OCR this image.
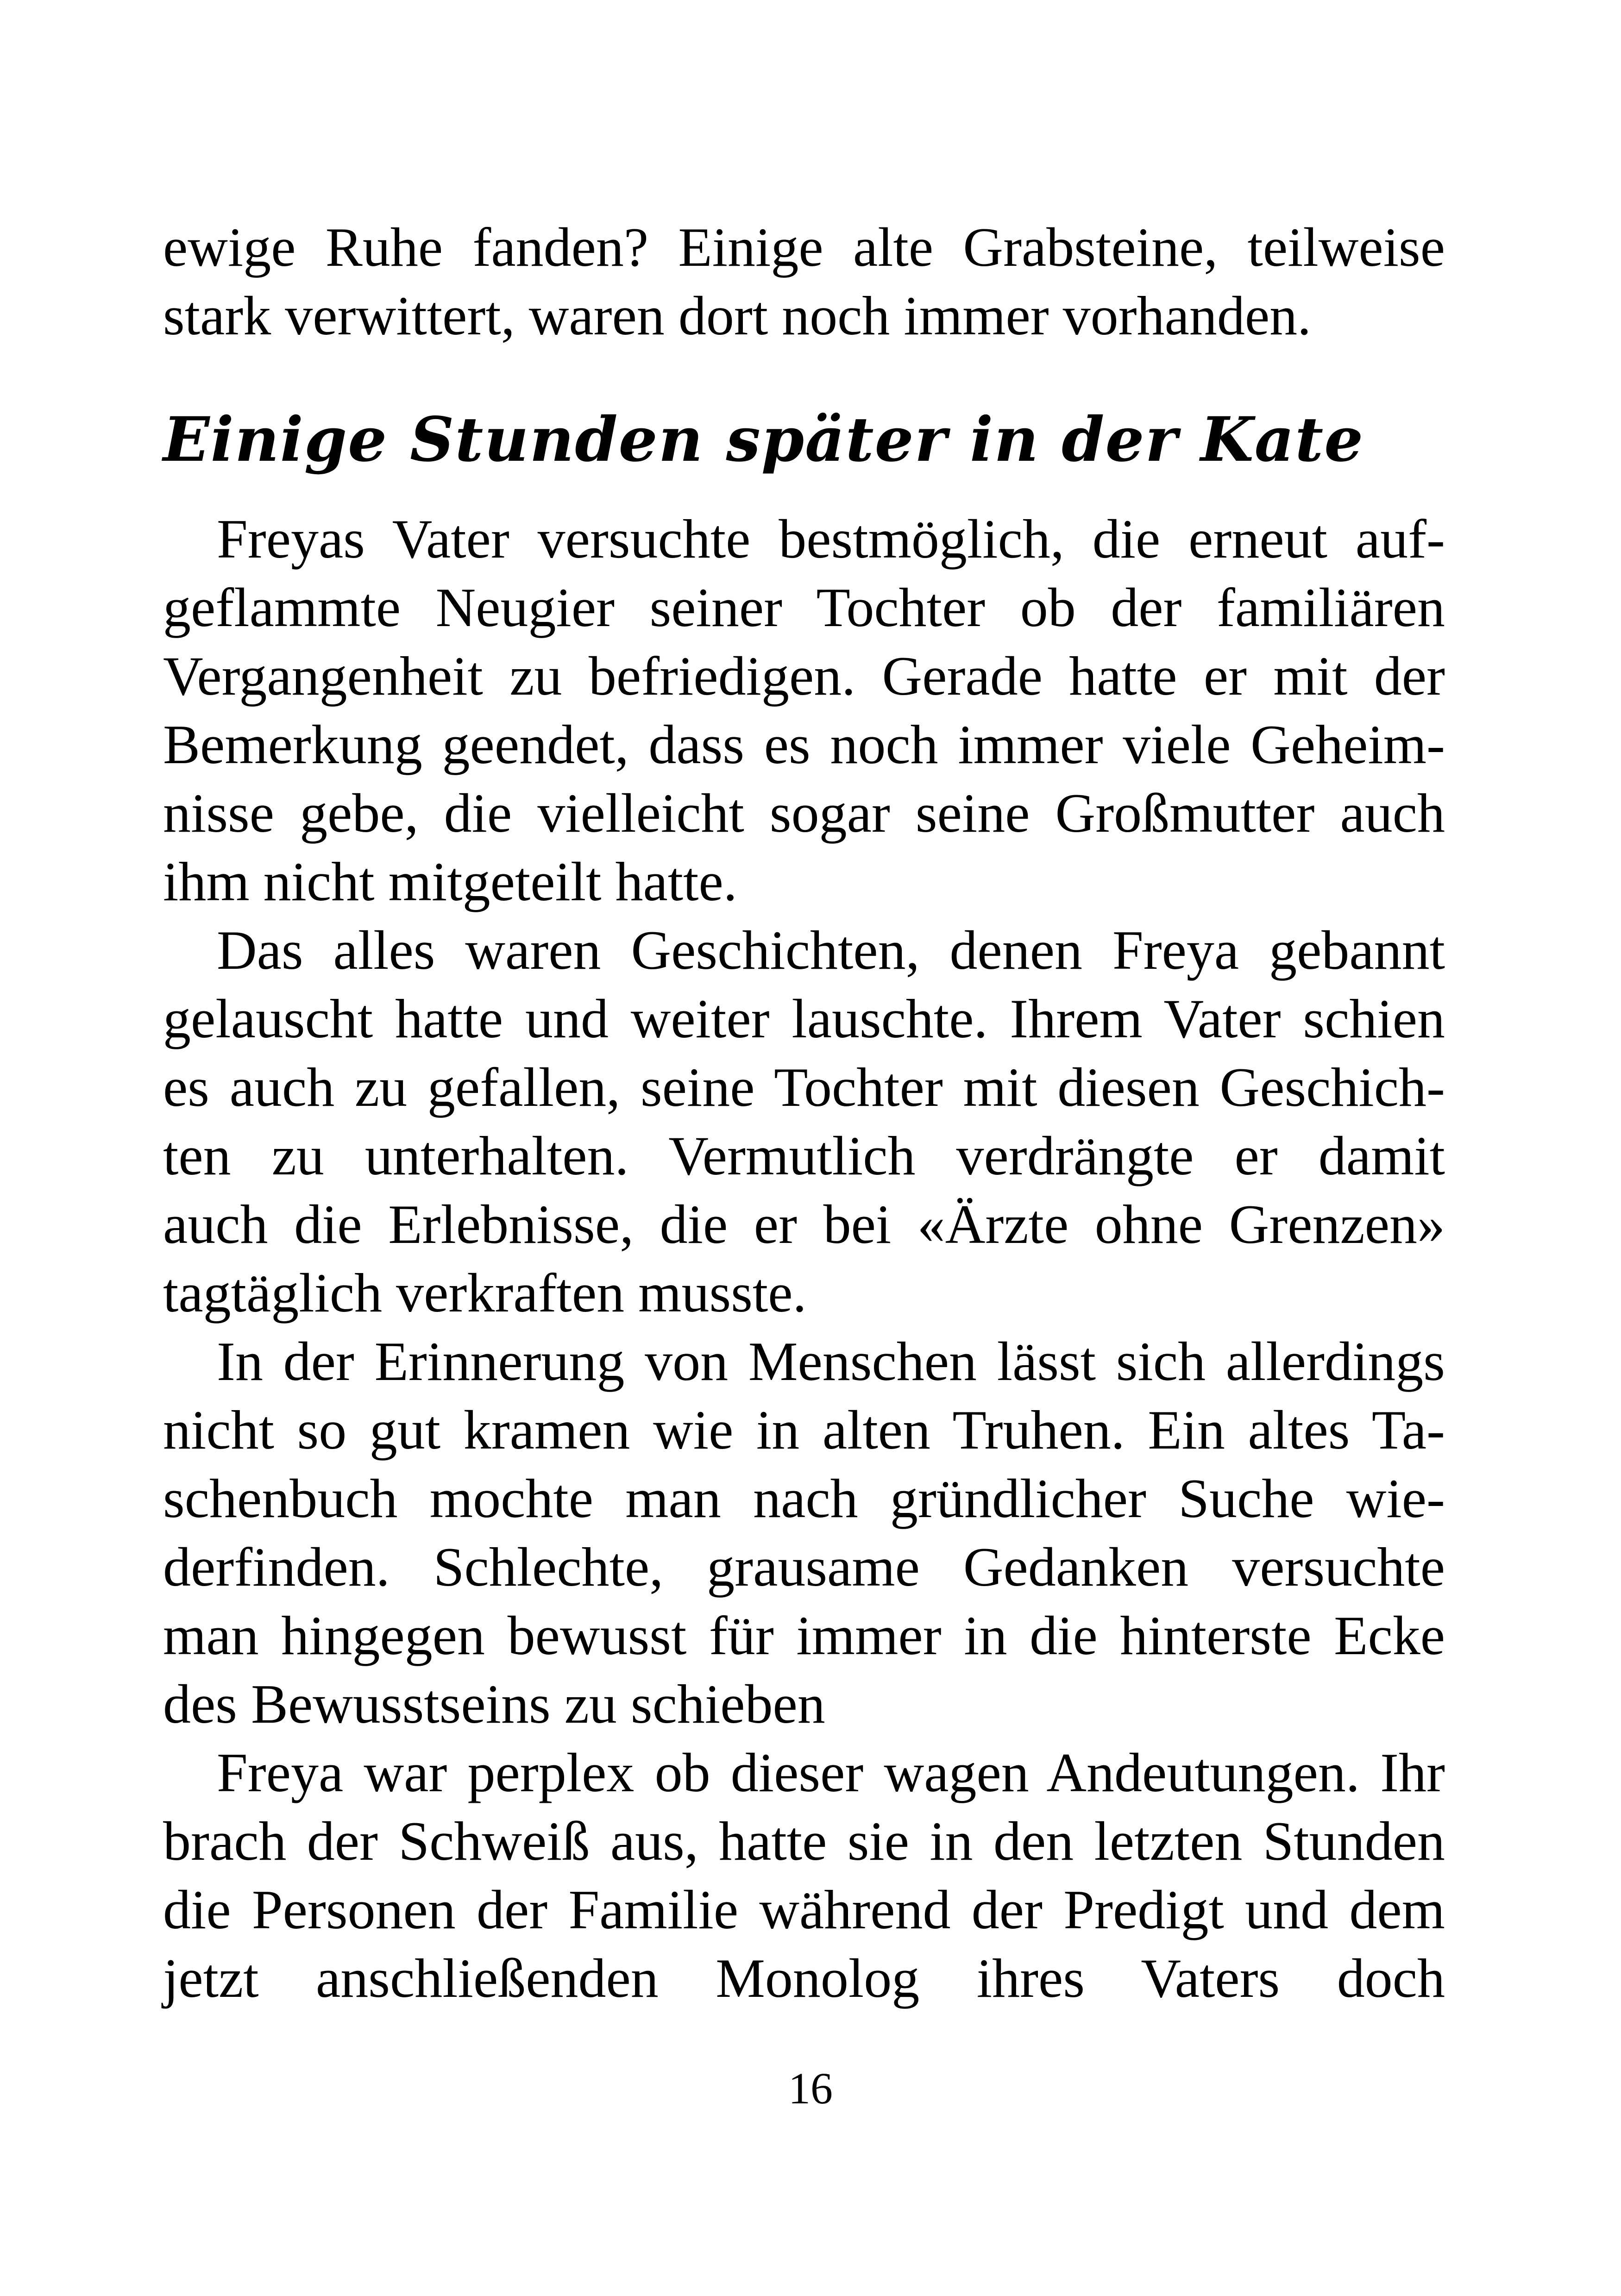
ewige Ruhe fanden? Einige alte Grabsteine, teilweise
stark verwittert, waren dort noch immer vorhanden.
Einige Stunden später in der Kate
Freyas Vater versuchte bestmöglich, die erneut auf-
geflammte Neugier seiner Tochter ob der familiären
Vergangenheit zu befriedigen. Gerade hatte er mit der
Bemerkung geendet, dass es noch immer viele Geheim-
nisse gebe, die vielleicht sogar seine Großmutter auch
ihm nicht mitgeteilt hatte.
Das alles waren Geschichten, denen Freya gebannt
gelauscht hatte und weiter lauschte. Ihrem Vater schien
es auch zu gefallen, seine Tochter mit diesen Geschich-
ten zu unterhalten. Vermutlich verdrängte er damit
auch die Erlebnisse, die er bei «Ärzte ohne Grenzen»
tagtäglich verkraften musste.
In der Erinnerung von Menschen lässt sich allerdings
nicht so gut kramen wie in alten Truhen. Ein altes Ta-
schenbuch mochte man nach gründlicher Suche wie-
derfinden. Schlechte, grausame Gedanken versuchte
man hingegen bewusst für immer in die hinterste Ecke
des Bewusstseins zu schieben
Freya war perplex ob dieser wagen Andeutungen. Ihr
brach der Schweiß aus, hatte sie in den letzten Stunden
die Personen der Familie während der Predigt und dem
jetzt anschließenden Monolog ihres Vaters doch
16
